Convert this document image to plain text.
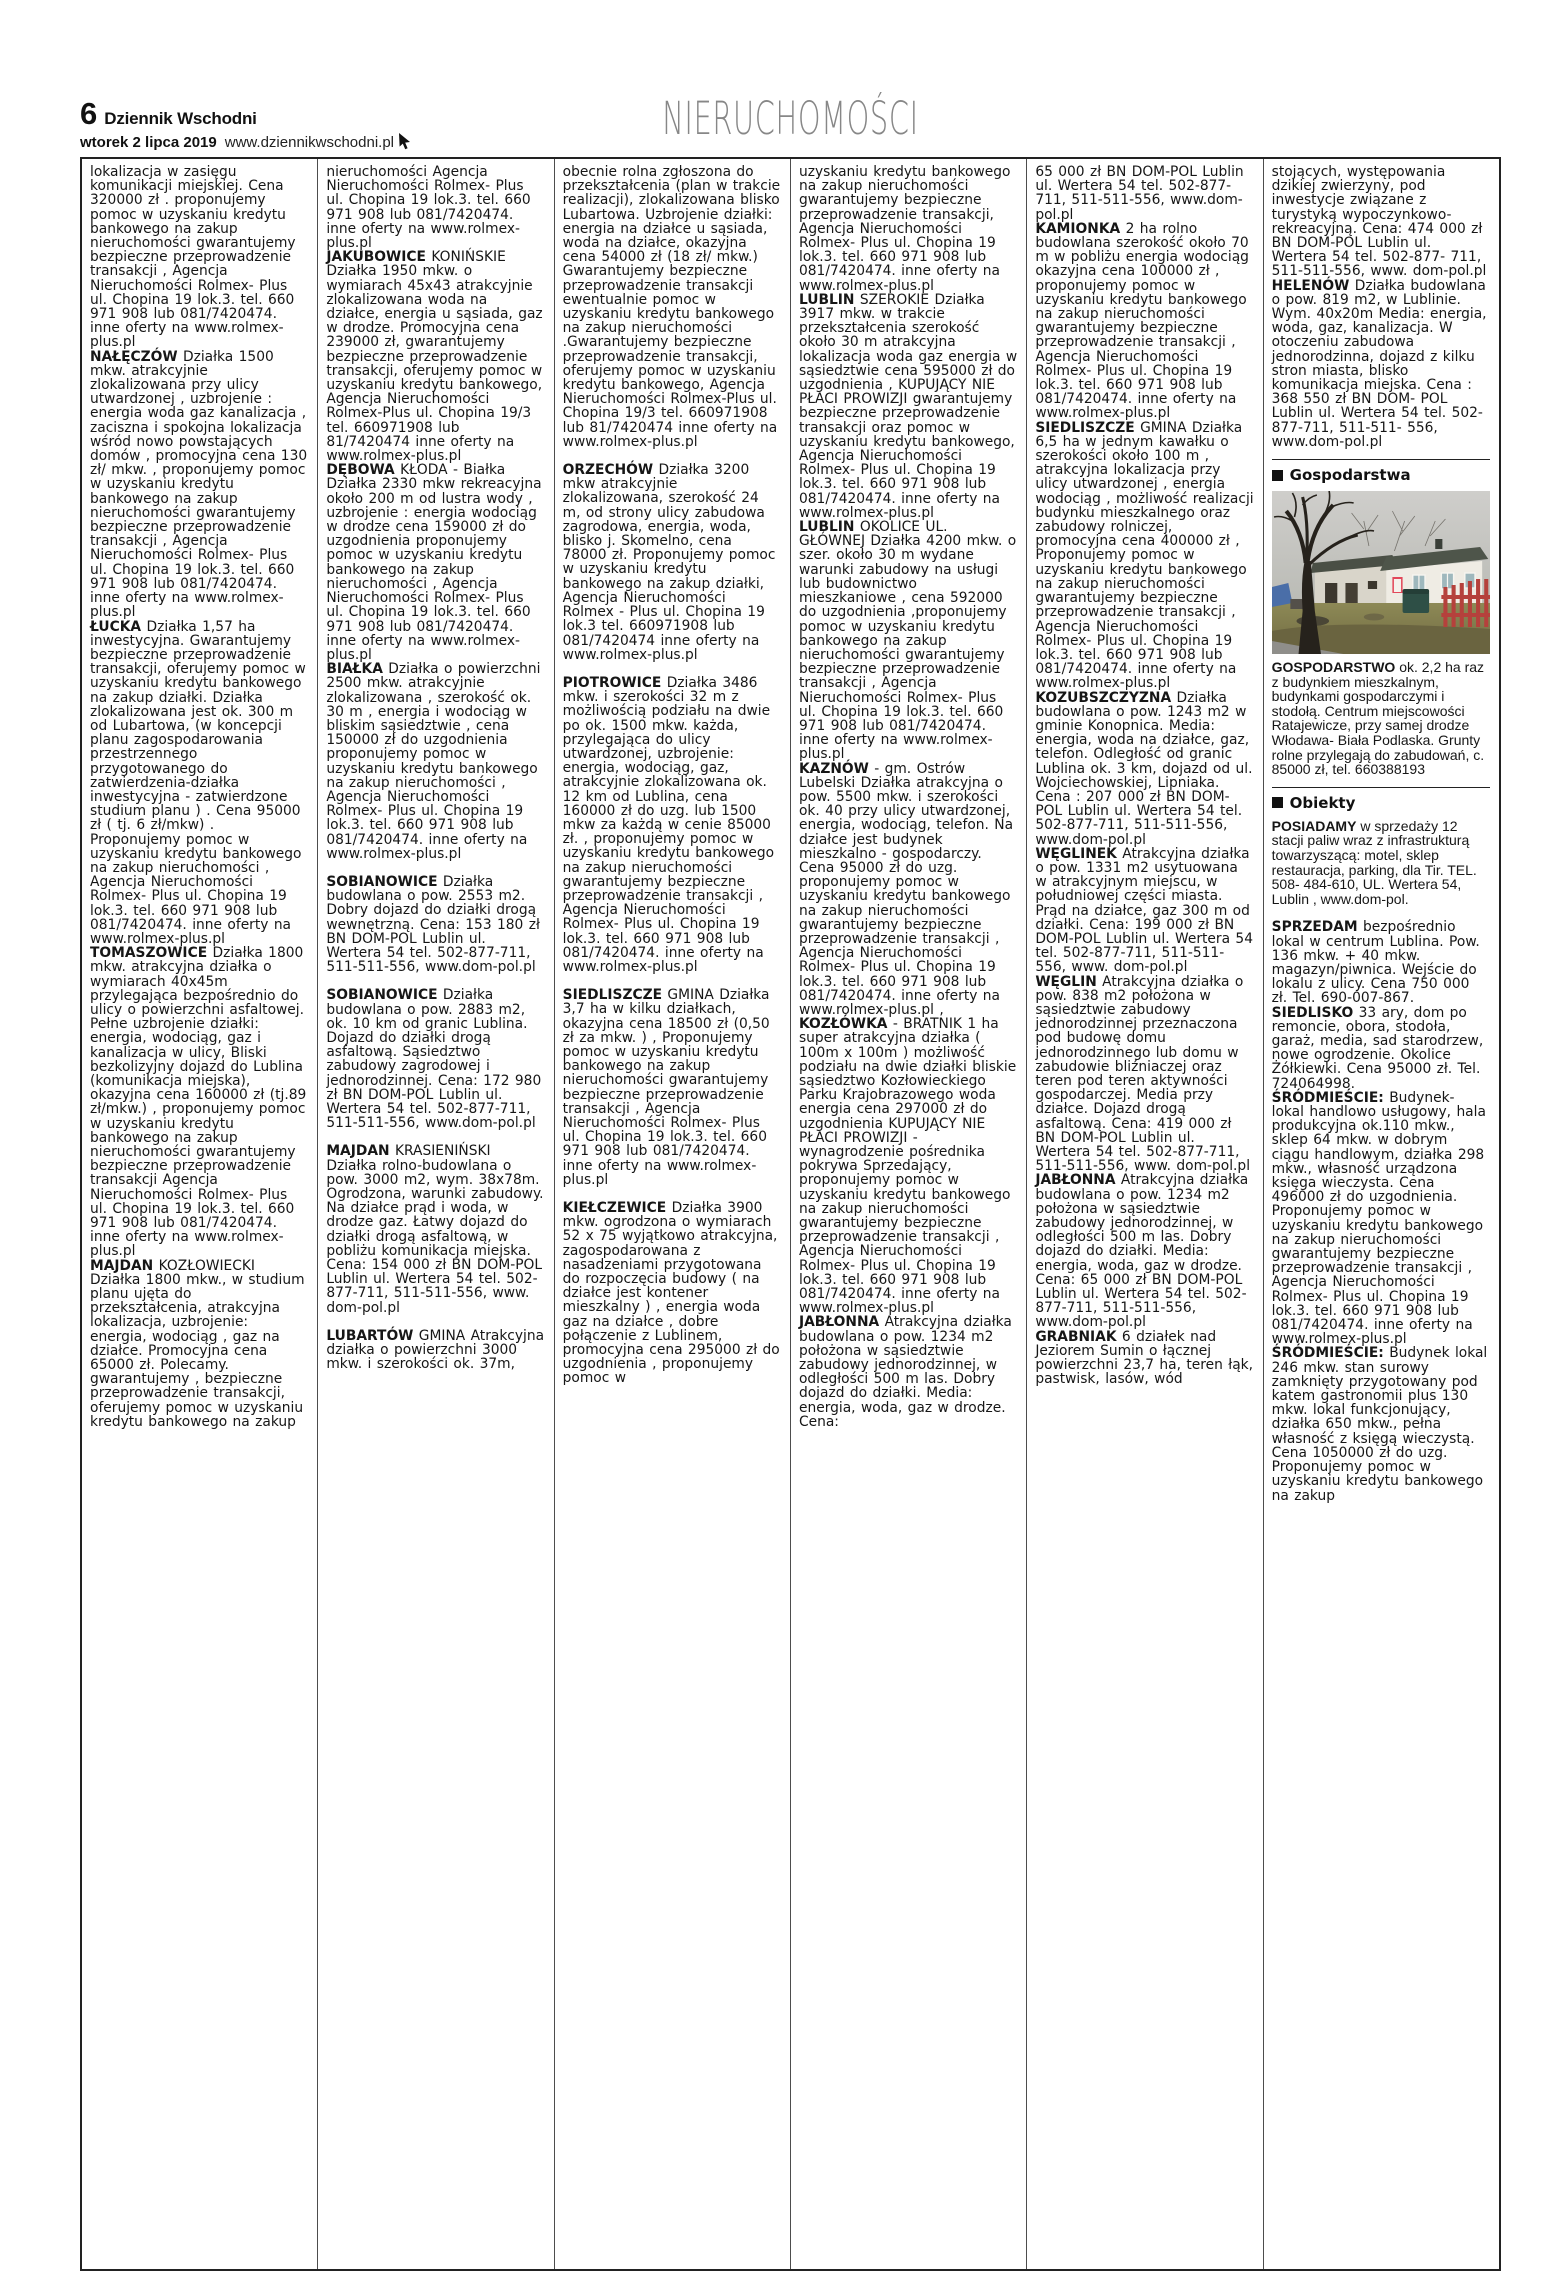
6 Dziennik Wschodni
wtorek 2 lipca 2019 www.dziennikwschodni.pl	NIERUCHOMOŚCI

lokalizacja w zasięgu komunikacji miejskiej. Cena 320000 zł . proponujemy pomoc w uzyskaniu kredytu bankowego na zakup nieruchomości gwarantujemy bezpieczne przeprowadzenie transakcji , Agencja Nieruchomości Rolmex- Plus ul. Chopina 19 lok.3. tel. 660 971 908 lub 081/7420474. inne oferty na www.rolmex-plus.pl

NAŁĘCZÓW Działka 1500 mkw. atrakcyjnie zlokalizowana przy ulicy utwardzonej , uzbrojenie : energia woda gaz kanalizacja , zaciszna i spokojna lokalizacja wśród nowo powstających domów , promocyjna cena 130 zł/ mkw. , proponujemy pomoc w uzyskaniu kredytu bankowego na zakup nieruchomości gwarantujemy bezpieczne przeprowadzenie transakcji , Agencja Nieruchomości Rolmex- Plus ul. Chopina 19 lok.3. tel. 660 971 908 lub 081/7420474. inne oferty na www.rolmex-plus.pl

ŁUCKA Działka 1,57 ha inwestycyjna. Gwarantujemy bezpieczne przeprowadzenie transakcji, oferujemy pomoc w uzyskaniu kredytu bankowego na zakup działki. Działka zlokalizowana jest ok. 300 m od Lubartowa, (w koncepcji planu zagospodarowania przestrzennego przygotowanego do zatwierdzenia-działka inwestycyjna - zatwierdzone studium planu ) . Cena 95000 zł ( tj. 6 zł/mkw) . Proponujemy pomoc w uzyskaniu kredytu bankowego na zakup nieruchomości , Agencja Nieruchomości Rolmex- Plus ul. Chopina 19 lok.3. tel. 660 971 908 lub 081/7420474. inne oferty na www.rolmex-plus.pl

TOMASZOWICE Działka 1800 mkw. atrakcyjna działka o wymiarach 40x45m przylegająca bezpośrednio do ulicy o powierzchni asfaltowej. Pełne uzbrojenie działki: energia, wodociąg, gaz i kanalizacja w ulicy, Bliski bezkolizyjny dojazd do Lublina (komunikacja miejska), okazyjna cena 160000 zł (tj.89 zł/mkw.) , proponujemy pomoc w uzyskaniu kredytu bankowego na zakup nieruchomości gwarantujemy bezpieczne przeprowadzenie transakcji Agencja Nieruchomości Rolmex- Plus ul. Chopina 19 lok.3. tel. 660 971 908 lub 081/7420474. inne oferty na www.rolmex-plus.pl

MAJDAN KOZŁOWIECKI Działka 1800 mkw., w studium planu ujęta do przekształcenia, atrakcyjna lokalizacja, uzbrojenie: energia, wodociąg , gaz na działce. Promocyjna cena 65000 zł. Polecamy. gwarantujemy , bezpieczne przeprowadzenie transakcji, oferujemy pomoc w uzyskaniu kredytu bankowego na zakup

nieruchomości Agencja Nieruchomości Rolmex- Plus ul. Chopina 19 lok.3. tel. 660 971 908 lub 081/7420474. inne oferty na www.rolmex-plus.pl

JAKUBOWICE KONIŃSKIE Działka 1950 mkw. o wymiarach 45x43 atrakcyjnie zlokalizowana woda na działce, energia u sąsiada, gaz w drodze. Promocyjna cena 239000 zł, gwarantujemy bezpieczne przeprowadzenie transakcji, oferujemy pomoc w uzyskaniu kredytu bankowego, Agencja Nieruchomości Rolmex-Plus ul. Chopina 19/3 tel. 660971908 lub 81/7420474 inne oferty na www.rolmex-plus.pl

DĘBOWA KŁODA - Białka Działka 2330 mkw rekreacyjna około 200 m od lustra wody , uzbrojenie : energia wodociąg w drodze cena 159000 zł do uzgodnienia proponujemy pomoc w uzyskaniu kredytu bankowego na zakup nieruchomości , Agencja Nieruchomości Rolmex- Plus ul. Chopina 19 lok.3. tel. 660 971 908 lub 081/7420474. inne oferty na www.rolmex-plus.pl

BIAŁKA Działka o powierzchni 2500 mkw. atrakcyjnie zlokalizowana , szerokość ok. 30 m , energia i wodociąg w bliskim sąsiedztwie , cena 150000 zł do uzgodnienia proponujemy pomoc w uzyskaniu kredytu bankowego na zakup nieruchomości , Agencja Nieruchomości Rolmex- Plus ul. Chopina 19 lok.3. tel. 660 971 908 lub 081/7420474. inne oferty na www.rolmex-plus.pl

SOBIANOWICE Działka budowlana o pow. 2553 m2. Dobry dojazd do działki drogą wewnętrzną. Cena: 153 180 zł BN DOM-POL Lublin ul. Wertera 54 tel. 502-877-711, 511-511-556, www.dom-pol.pl

SOBIANOWICE Działka budowlana o pow. 2883 m2, ok. 10 km od granic Lublina. Dojazd do działki drogą asfaltową. Sąsiedztwo zabudowy zagrodowej i jednorodzinnej. Cena: 172 980 zł BN DOM-POL Lublin ul. Wertera 54 tel. 502-877-711, 511-511-556, www.dom-pol.pl

MAJDAN KRASIENIŃSKI Działka rolno-budowlana o pow. 3000 m2, wym. 38x78m. Ogrodzona, warunki zabudowy. Na działce prąd i woda, w drodze gaz. Łatwy dojazd do działki drogą asfaltową, w pobliżu komunikacja miejska. Cena: 154 000 zł BN DOM-POL Lublin ul. Wertera 54 tel. 502-877-711, 511-511-556, www. dom-pol.pl

LUBARTÓW GMINA Atrakcyjna działka o powierzchni 3000 mkw. i szerokości ok. 37m,

obecnie rolna zgłoszona do przekształcenia (plan w trakcie realizacji), zlokalizowana blisko Lubartowa. Uzbrojenie działki: energia na działce u sąsiada, woda na działce, okazyjna cena 54000 zł (18 zł/ mkw.) Gwarantujemy bezpieczne przeprowadzenie transakcji ewentualnie pomoc w uzyskaniu kredytu bankowego na zakup nieruchomości .Gwarantujemy bezpieczne przeprowadzenie transakcji, oferujemy pomoc w uzyskaniu kredytu bankowego, Agencja Nieruchomości Rolmex-Plus ul. Chopina 19/3 tel. 660971908 lub 81/7420474 inne oferty na www.rolmex-plus.pl

ORZECHÓW Działka 3200 mkw atrakcyjnie zlokalizowana, szerokość 24 m, od strony ulicy zabudowa zagrodowa, energia, woda, blisko j. Skomelno, cena 78000 zł. Proponujemy pomoc w uzyskaniu kredytu bankowego na zakup działki, Agencja Nieruchomości Rolmex - Plus ul. Chopina 19 lok.3 tel. 660971908 lub 081/7420474 inne oferty na www.rolmex-plus.pl

PIOTROWICE Działka 3486 mkw. i szerokości 32 m z możliwością podziału na dwie po ok. 1500 mkw. każda, przylegająca do ulicy utwardzonej, uzbrojenie: energia, wodociąg, gaz, atrakcyjnie zlokalizowana ok. 12 km od Lublina, cena 160000 zł do uzg. lub 1500 mkw za każdą w cenie 85000 zł. , proponujemy pomoc w uzyskaniu kredytu bankowego na zakup nieruchomości gwarantujemy bezpieczne przeprowadzenie transakcji , Agencja Nieruchomości Rolmex- Plus ul. Chopina 19 lok.3. tel. 660 971 908 lub 081/7420474. inne oferty na www.rolmex-plus.pl

SIEDLISZCZE GMINA Działka 3,7 ha w kilku działkach, okazyjna cena 18500 zł (0,50 zł za mkw. ) , Proponujemy pomoc w uzyskaniu kredytu bankowego na zakup nieruchomości gwarantujemy bezpieczne przeprowadzenie transakcji , Agencja Nieruchomości Rolmex- Plus ul. Chopina 19 lok.3. tel. 660 971 908 lub 081/7420474. inne oferty na www.rolmex-plus.pl

KIEŁCZEWICE Działka 3900 mkw. ogrodzona o wymiarach 52 x 75 wyjątkowo atrakcyjna, zagospodarowana z nasadzeniami przygotowana do rozpoczęcia budowy ( na działce jest kontener mieszkalny ) , energia woda gaz na działce , dobre połączenie z Lublinem, promocyjna cena 295000 zł do uzgodnienia , proponujemy pomoc w

uzyskaniu kredytu bankowego na zakup nieruchomości gwarantujemy bezpieczne przeprowadzenie transakcji, Agencja Nieruchomości Rolmex- Plus ul. Chopina 19 lok.3. tel. 660 971 908 lub 081/7420474. inne oferty na www.rolmex-plus.pl

LUBLIN SZEROKIE Działka 3917 mkw. w trakcie przekształcenia szerokość około 30 m atrakcyjna lokalizacja woda gaz energia w sąsiedztwie cena 595000 zł do uzgodnienia , KUPUJĄCY NIE PŁACI PROWIZJI gwarantujemy bezpieczne przeprowadzenie transakcji oraz pomoc w uzyskaniu kredytu bankowego, Agencja Nieruchomości Rolmex- Plus ul. Chopina 19 lok.3. tel. 660 971 908 lub 081/7420474. inne oferty na www.rolmex-plus.pl

LUBLIN OKOLICE UL. GŁÓWNEJ Działka 4200 mkw. o szer. około 30 m wydane warunki zabudowy na usługi lub budownictwo mieszkaniowe , cena 592000 do uzgodnienia ,proponujemy pomoc w uzyskaniu kredytu bankowego na zakup nieruchomości gwarantujemy bezpieczne przeprowadzenie transakcji , Agencja Nieruchomości Rolmex- Plus ul. Chopina 19 lok.3. tel. 660 971 908 lub 081/7420474. inne oferty na www.rolmex-plus.pl

KAZNÓW - gm. Ostrów Lubelski Działka atrakcyjna o pow. 5500 mkw. i szerokości ok. 40 przy ulicy utwardzonej, energia, wodociąg, telefon. Na działce jest budynek mieszkalno - gospodarczy. Cena 95000 zł do uzg. proponujemy pomoc w uzyskaniu kredytu bankowego na zakup nieruchomości gwarantujemy bezpieczne przeprowadzenie transakcji , Agencja Nieruchomości Rolmex- Plus ul. Chopina 19 lok.3. tel. 660 971 908 lub 081/7420474. inne oferty na www.rolmex-plus.pl ,

KOZŁÓWKA - BRATNIK 1 ha super atrakcyjna działka ( 100m x 100m ) możliwość podziału na dwie działki bliskie sąsiedztwo Kozłowieckiego Parku Krajobrazowego woda energia cena 297000 zł do uzgodnienia KUPUJĄCY NIE PŁACI PROWIZJI -wynagrodzenie pośrednika pokrywa Sprzedający, proponujemy pomoc w uzyskaniu kredytu bankowego na zakup nieruchomości gwarantujemy bezpieczne przeprowadzenie transakcji , Agencja Nieruchomości Rolmex- Plus ul. Chopina 19 lok.3. tel. 660 971 908 lub 081/7420474. inne oferty na www.rolmex-plus.pl

JABŁONNA Atrakcyjna działka budowlana o pow. 1234 m2 położona w sąsiedztwie zabudowy jednorodzinnej, w odległości 500 m las. Dobry dojazd do działki. Media: energia, woda, gaz w drodze. Cena:

65 000 zł BN DOM-POL Lublin ul. Wertera 54 tel. 502-877-711, 511-511-556, www.dom-pol.pl

KAMIONKA 2 ha rolno budowlana szerokość około 70 m w pobliżu energia wodociąg okazyjna cena 100000 zł , proponujemy pomoc w uzyskaniu kredytu bankowego na zakup nieruchomości gwarantujemy bezpieczne przeprowadzenie transakcji , Agencja Nieruchomości Rolmex- Plus ul. Chopina 19 lok.3. tel. 660 971 908 lub 081/7420474. inne oferty na www.rolmex-plus.pl

SIEDLISZCZE GMINA Działka 6,5 ha w jednym kawałku o szerokości około 100 m , atrakcyjna lokalizacja przy ulicy utwardzonej , energia wodociąg , możliwość realizacji budynku mieszkalnego oraz zabudowy rolniczej, promocyjna cena 400000 zł , Proponujemy pomoc w uzyskaniu kredytu bankowego na zakup nieruchomości gwarantujemy bezpieczne przeprowadzenie transakcji , Agencja Nieruchomości Rolmex- Plus ul. Chopina 19 lok.3. tel. 660 971 908 lub 081/7420474. inne oferty na www.rolmex-plus.pl

KOZUBSZCZYZNA Działka budowlana o pow. 1243 m2 w gminie Konopnica. Media: energia, woda na działce, gaz, telefon. Odległość od granic Lublina ok. 3 km, dojazd od ul. Wojciechowskiej, Lipniaka. Cena : 207 000 zł BN DOM-POL Lublin ul. Wertera 54 tel. 502-877-711, 511-511-556, www.dom-pol.pl

WĘGLINEK Atrakcyjna działka o pow. 1331 m2 usytuowana w atrakcyjnym miejscu, w południowej części miasta. Prąd na działce, gaz 300 m od działki. Cena: 199 000 zł BN DOM-POL Lublin ul. Wertera 54 tel. 502-877-711, 511-511-556, www. dom-pol.pl

WĘGLIN Atrakcyjna działka o pow. 838 m2 położona w sąsiedztwie zabudowy jednorodzinnej przeznaczona pod budowę domu jednorodzinnego lub domu w zabudowie bliźniaczej oraz teren pod teren aktywności gospodarczej. Media przy działce. Dojazd drogą asfaltową. Cena: 419 000 zł BN DOM-POL Lublin ul. Wertera 54 tel. 502-877-711, 511-511-556, www. dom-pol.pl

JABŁONNA Atrakcyjna działka budowlana o pow. 1234 m2 położona w sąsiedztwie zabudowy jednorodzinnej, w odległości 500 m las. Dobry dojazd do działki. Media: energia, woda, gaz w drodze. Cena: 65 000 zł BN DOM-POL Lublin ul. Wertera 54 tel. 502-877-711, 511-511-556, www.dom-pol.pl

GRABNIAK 6 działek nad Jeziorem Sumin o łącznej powierzchni 23,7 ha, teren łąk, pastwisk, lasów, wód

stojących, występowania dzikiej zwierzyny, pod inwestycje związane z turystyką wypoczynkowo- rekreacyjną. Cena: 474 000 zł BN DOM-POL Lublin ul. Wertera 54 tel. 502-877- 711, 511-511-556, www. dom-pol.pl

HELENÓW Działka budowlana o pow. 819 m2, w Lublinie. Wym. 40x20m Media: energia, woda, gaz, kanalizacja. W otoczeniu zabudowa jednorodzinna, dojazd z kilku stron miasta, blisko komunikacja miejska. Cena : 368 550 zł BN DOM- POL Lublin ul. Wertera 54 tel. 502-877-711, 511-511- 556, www.dom-pol.pl

Gospodarstwa

GOSPODARSTWO ok. 2,2 ha raz z budynkiem mieszkalnym, budynkami gospodarczymi i stodołą. Centrum miejscowości Ratajewicze, przy samej drodze Włodawa- Biała Podlaska. Grunty rolne przylegają do zabudowań, c. 85000 zł, tel. 660388193

Obiekty

POSIADAMY w sprzedaży 12 stacji paliw wraz z infrastrukturą towarzyszącą: motel, sklep restauracja, parking, dla Tir. TEL. 508- 484-610, UL. Wertera 54, Lublin , www.dom-pol.

SPRZEDAM bezpośrednio lokal w centrum Lublina. Pow. 136 mkw. + 40 mkw. magazyn/piwnica. Wejście do lokalu z ulicy. Cena 750 000 zł. Tel. 690-007-867.

SIEDLISKO 33 ary, dom po remoncie, obora, stodoła, garaż, media, sad starodrzew, nowe ogrodzenie. Okolice Żółkiewki. Cena 95000 zł. Tel. 724064998.

ŚRÓDMIEŚCIE: Budynek- lokal handlowo usługowy, hala produkcyjna ok.110 mkw., sklep 64 mkw. w dobrym ciągu handlowym, działka 298 mkw., własność urządzona księga wieczysta. Cena 496000 zł do uzgodnienia. Proponujemy pomoc w uzyskaniu kredytu bankowego na zakup nieruchomości gwarantujemy bezpieczne przeprowadzenie transakcji , Agencja Nieruchomości Rolmex- Plus ul. Chopina 19 lok.3. tel. 660 971 908 lub 081/7420474. inne oferty na www.rolmex-plus.pl

ŚRÓDMIEŚCIE: Budynek lokal 246 mkw. stan surowy zamknięty przygotowany pod katem gastronomii plus 130 mkw. lokal funkcjonujący, działka 650 mkw., pełna własność z księgą wieczystą. Cena 1050000 zł do uzg. Proponujemy pomoc w uzyskaniu kredytu bankowego na zakup
